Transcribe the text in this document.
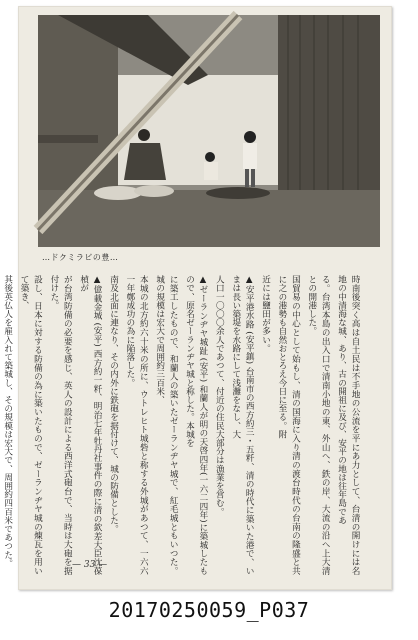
…ドクミラビの豊…

時南後突く高は自土民は不手地の公流を平にあ力として、台清の開けには名地の中清海な城、あり、古の開祖に及び、安平の地は往年島であ

る。台湾本島の出入口で清南小地の東、外山へ、鉄の岸、大流の沿へ上大清との開港した。

国貿易の中心として始もし、清の国海に入り清の渡台時代の台南の隆盛と共に之の港勢も自然おとろえ今日に至る。附

近には鹽田が多い。

▲安平港水路 (安平鎮) 台南市の西方約三・五粁、清の時代に築いた港で、いまは長い築堤を水路にして浅灘をなし、大

人口一〇〇〇余人であつて、付近の住民大部分は漁業を営む。

▲ゼーランヂヤ城趾 (安平) 和蘭人が明の天啓四年(一六二四年)に築城したもので、原名ゼーランヂヤ城と称した。本城を

に築工したもので、和蘭人の築いたゼーランヂヤ城で、紅毛城ともいつた。城の規模は宏大で周囲約三百米、

本城の北方約六十米の所に、ウトレヒト城砦と称する外城があつて、一六六一年鄭成功の為に陥落した。

南及北面に連なり、その内外に鉄砲を据付けて、城の防備とした。

▲億載金城 (安平) 西方約一粁、明治七年牡丹社事件の際に清の欽差大臣沈葆楨が

が台湾防備の必要を感じ、英人の設計による西洋式砲台で、当時は大砲を据付けた。

設し、日本に対する防備の為に築いたもので、ゼーランヂヤ城の煉瓦を用いて築き、

其後英仏人を雇入れて築城し、その規模は宏大で、周囲約四百米であつた。	— 33 —
20170250059_P037
